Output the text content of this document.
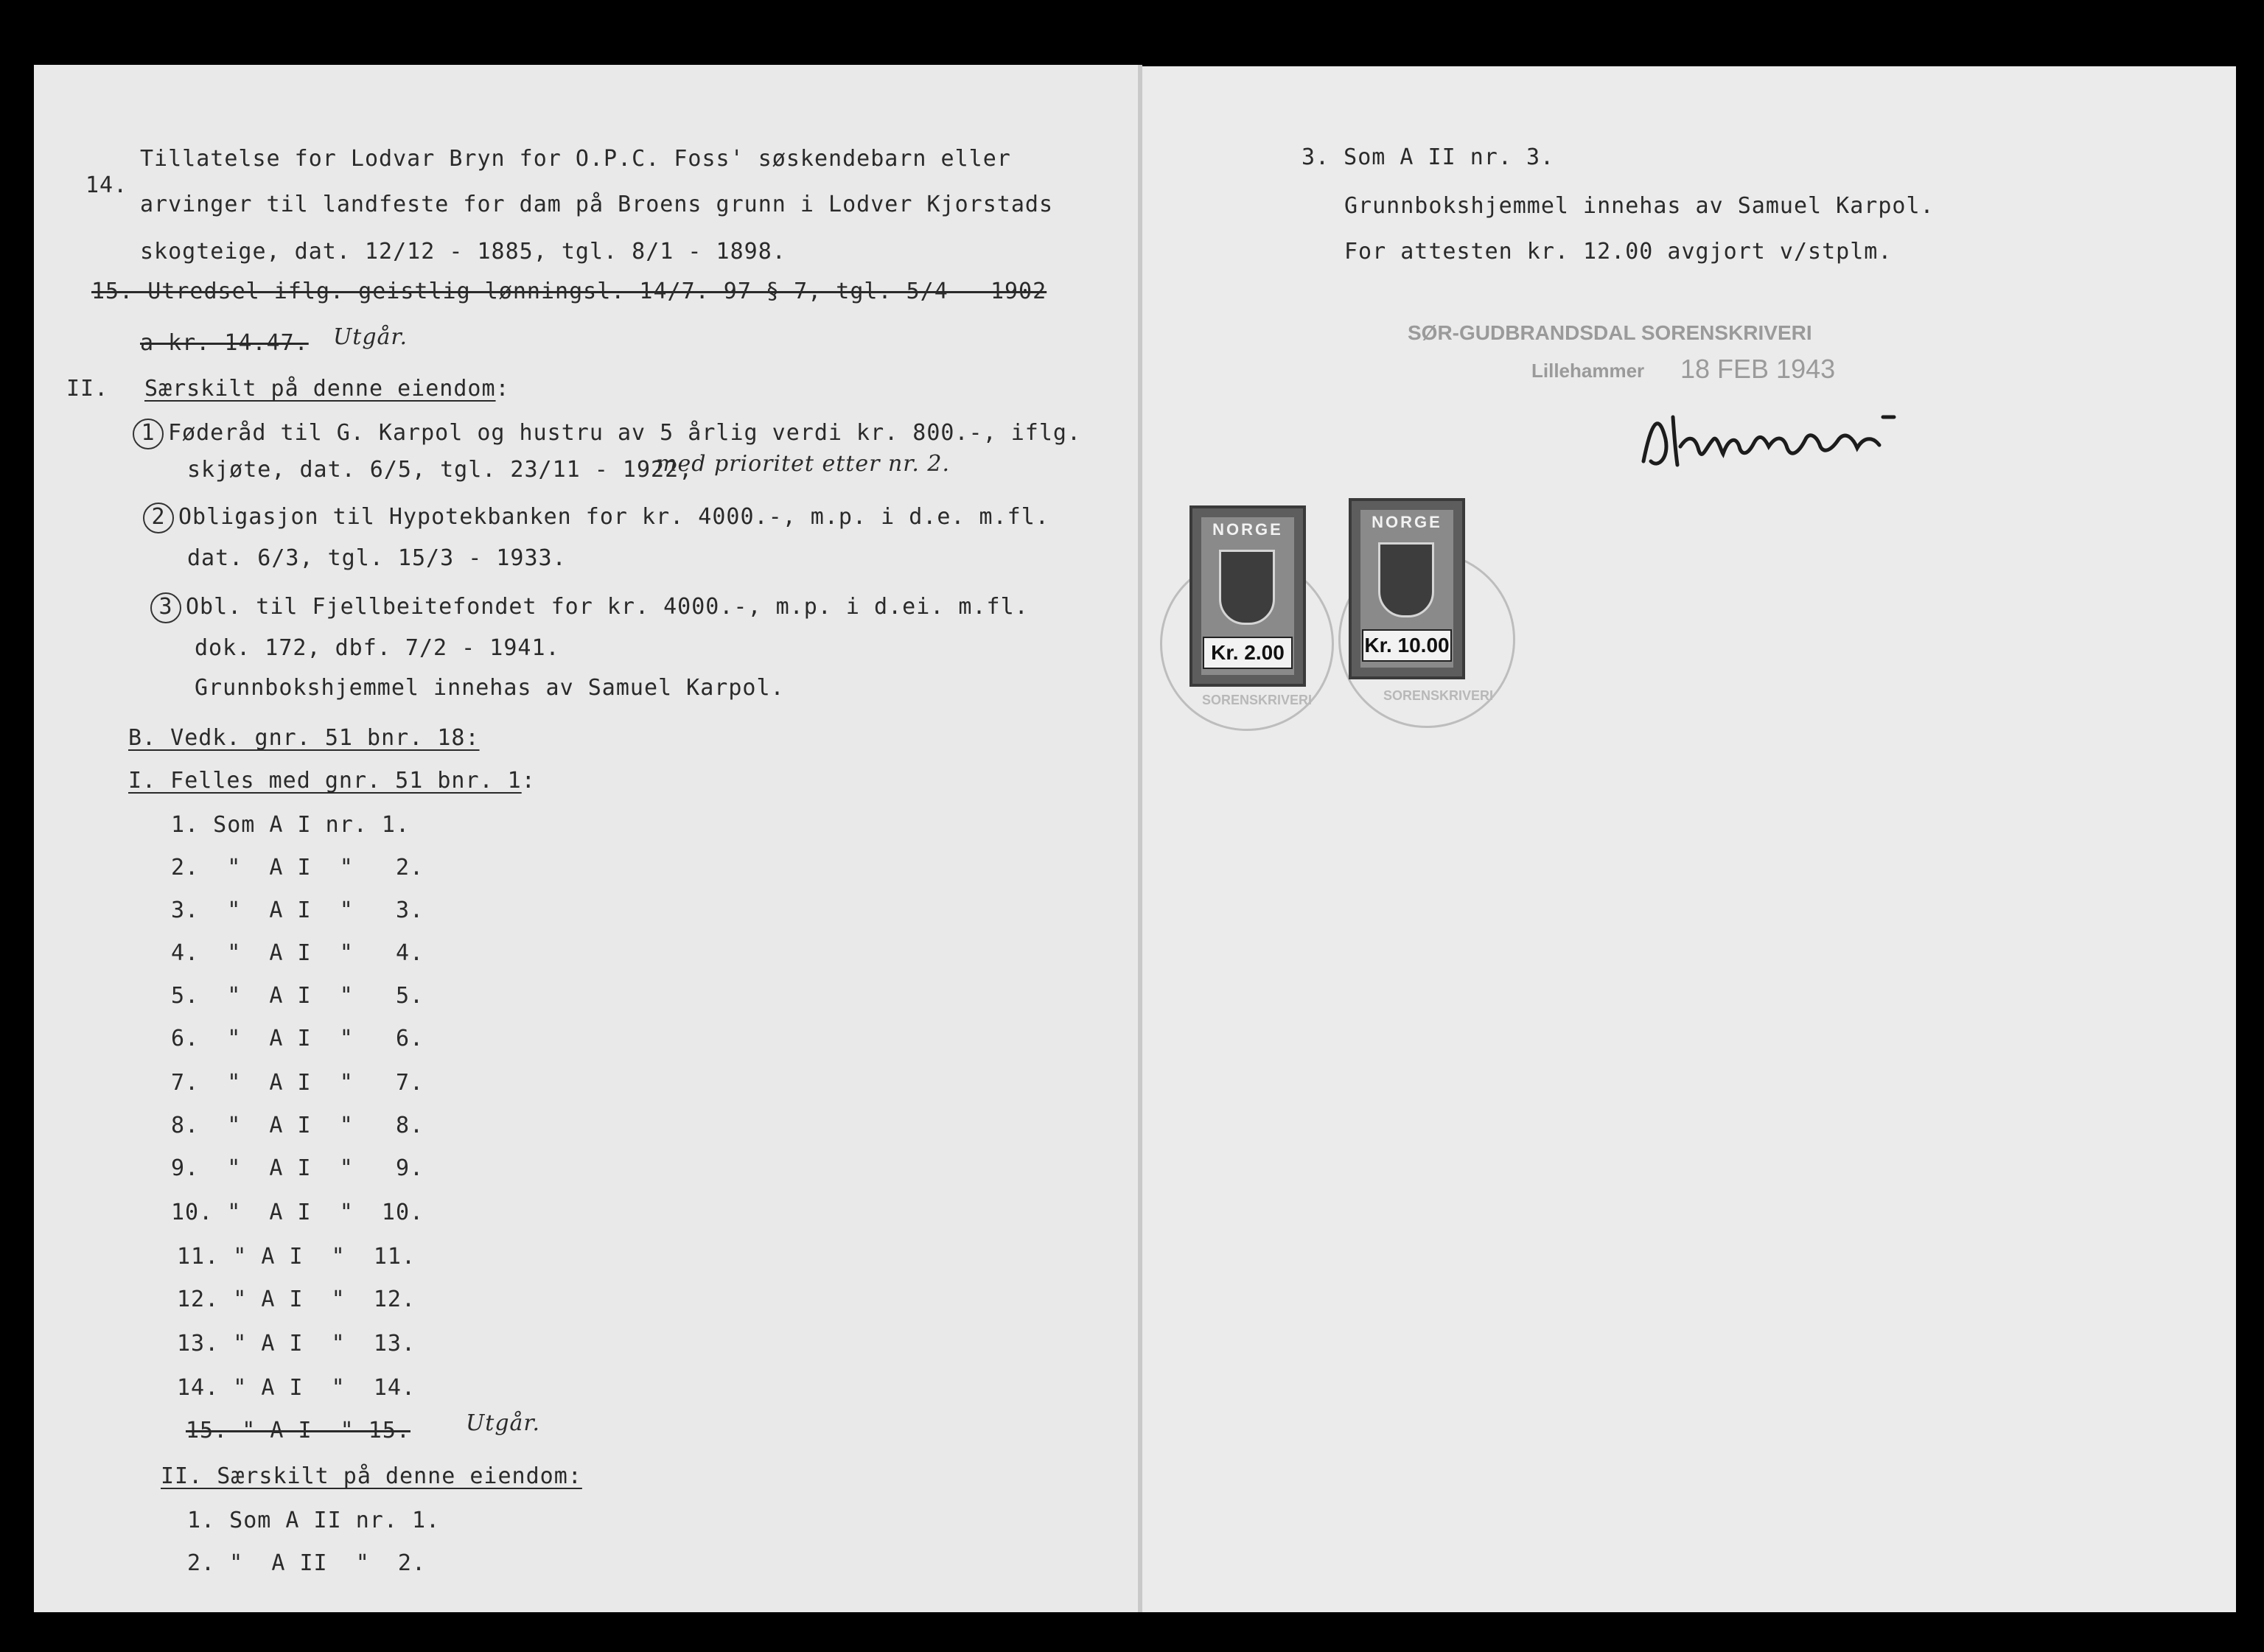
14.
Tillatelse for Lodvar Bryn for O.P.C. Foss' søskendebarn eller
arvinger til landfeste for dam på Broens grunn i Lodver Kjorstads
skogteige, dat. 12/12 - 1885, tgl. 8/1 - 1898.
15. Utredsel iflg. geistlig lønningsl. 14/7. 97 § 7, tgl. 5/4 - 1902
a kr. 14.47. Utgår.
II. Særskilt på denne eiendom:
1 Føderåd til G. Karpol og hustru av 5 årlig verdi kr. 800.-, iflg.
skjøte, dat. 6/5, tgl. 23/11 - 1922,
med prioritet etter nr. 2.
2 Obligasjon til Hypotekbanken for kr. 4000.-, m.p. i d.e. m.fl.
dat. 6/3, tgl. 15/3 - 1933.
3 Obl. til Fjellbeitefondet for kr. 4000.-, m.p. i d.ei. m.fl.
dok. 172, dbf. 7/2 - 1941.
Grunnbokshjemmel innehas av Samuel Karpol.
B. Vedk. gnr. 51 bnr. 18:
I. Felles med gnr. 51 bnr. 1:
1. Som A I nr. 1.
2.  "  A I  "   2.
3.  "  A I  "   3.
4.  "  A I  "   4.
5.  "  A I  "   5.
6.  "  A I  "   6.
7.  "  A I  "   7.
8.  "  A I  "   8.
9.  "  A I  "   9.
10. "  A I  "  10.
11. " A I  "  11.
12. " A I  "  12.
13. " A I  "  13.
14. " A I  "  14.
15. " A I  " 15.	Utgår.
II. Særskilt på denne eiendom:
1. Som A II nr. 1.
2. "  A II  "  2.
3. Som A II nr. 3.
Grunnbokshjemmel innehas av Samuel Karpol.
For attesten kr. 12.00 avgjort v/stplm.
SØR-GUDBRANDSDAL SORENSKRIVERI
Lillehammer 18 FEB 1943
SORENSKRIVERI	SORENSKRIVERI
NORGE
Kr. 2.00
NORGE
Kr. 10.00
